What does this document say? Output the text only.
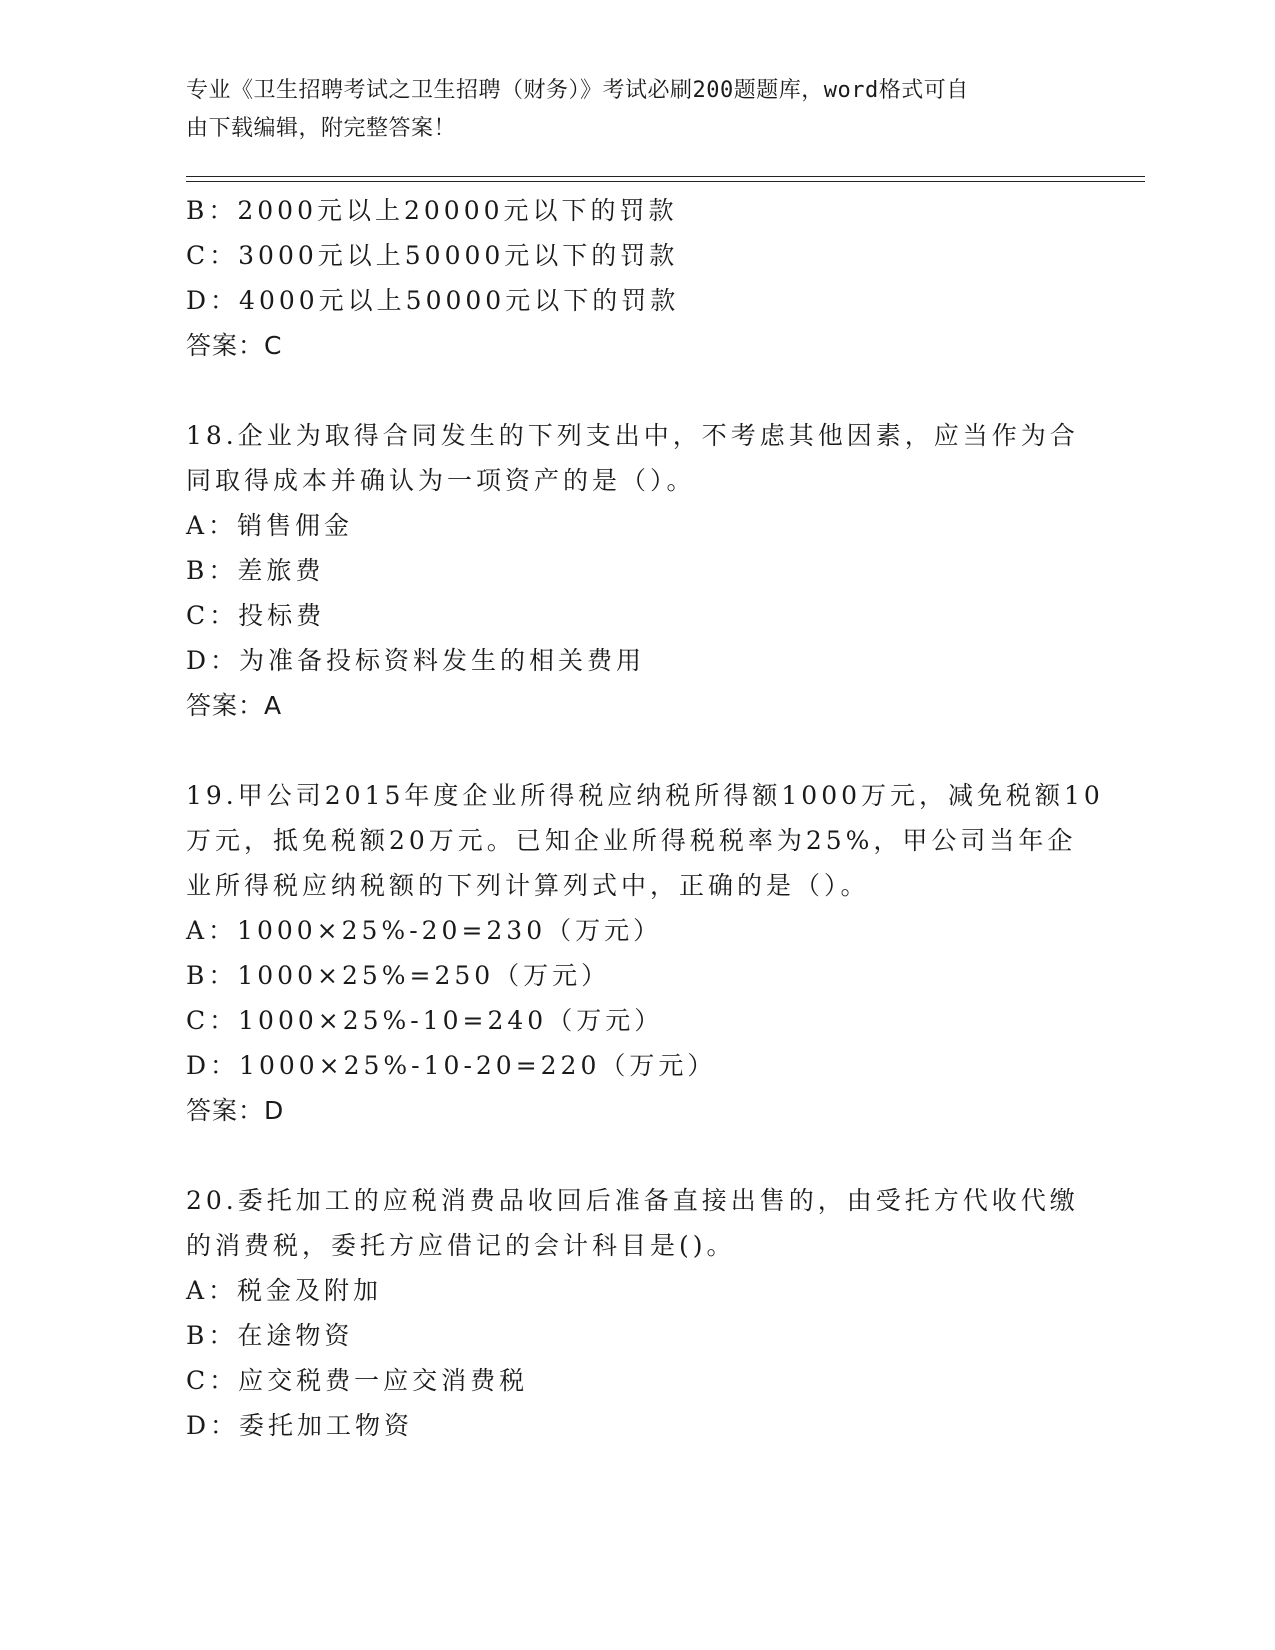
专业《卫生招聘考试之卫生招聘（财务）》考试必刷200题题库，word格式可自
由下载编辑，附完整答案！
B：2000元以上20000元以下的罚款
C：3000元以上50000元以下的罚款
D：4000元以上50000元以下的罚款
答案：C
18.企业为取得合同发生的下列支出中，不考虑其他因素，应当作为合
同取得成本并确认为一项资产的是（）。
A：销售佣金
B：差旅费
C：投标费
D：为准备投标资料发生的相关费用
答案：A
19.甲公司2015年度企业所得税应纳税所得额1000万元，减免税额10
万元，抵免税额20万元。已知企业所得税税率为25%，甲公司当年企
业所得税应纳税额的下列计算列式中，正确的是（）。
A：1000×25%-20=230（万元）
B：1000×25%=250（万元）
C：1000×25%-10=240（万元）
D：1000×25%-10-20=220（万元）
答案：D
20.委托加工的应税消费品收回后准备直接出售的，由受托方代收代缴
的消费税，委托方应借记的会计科目是()。
A：税金及附加
B：在途物资
C：应交税费一应交消费税
D：委托加工物资
